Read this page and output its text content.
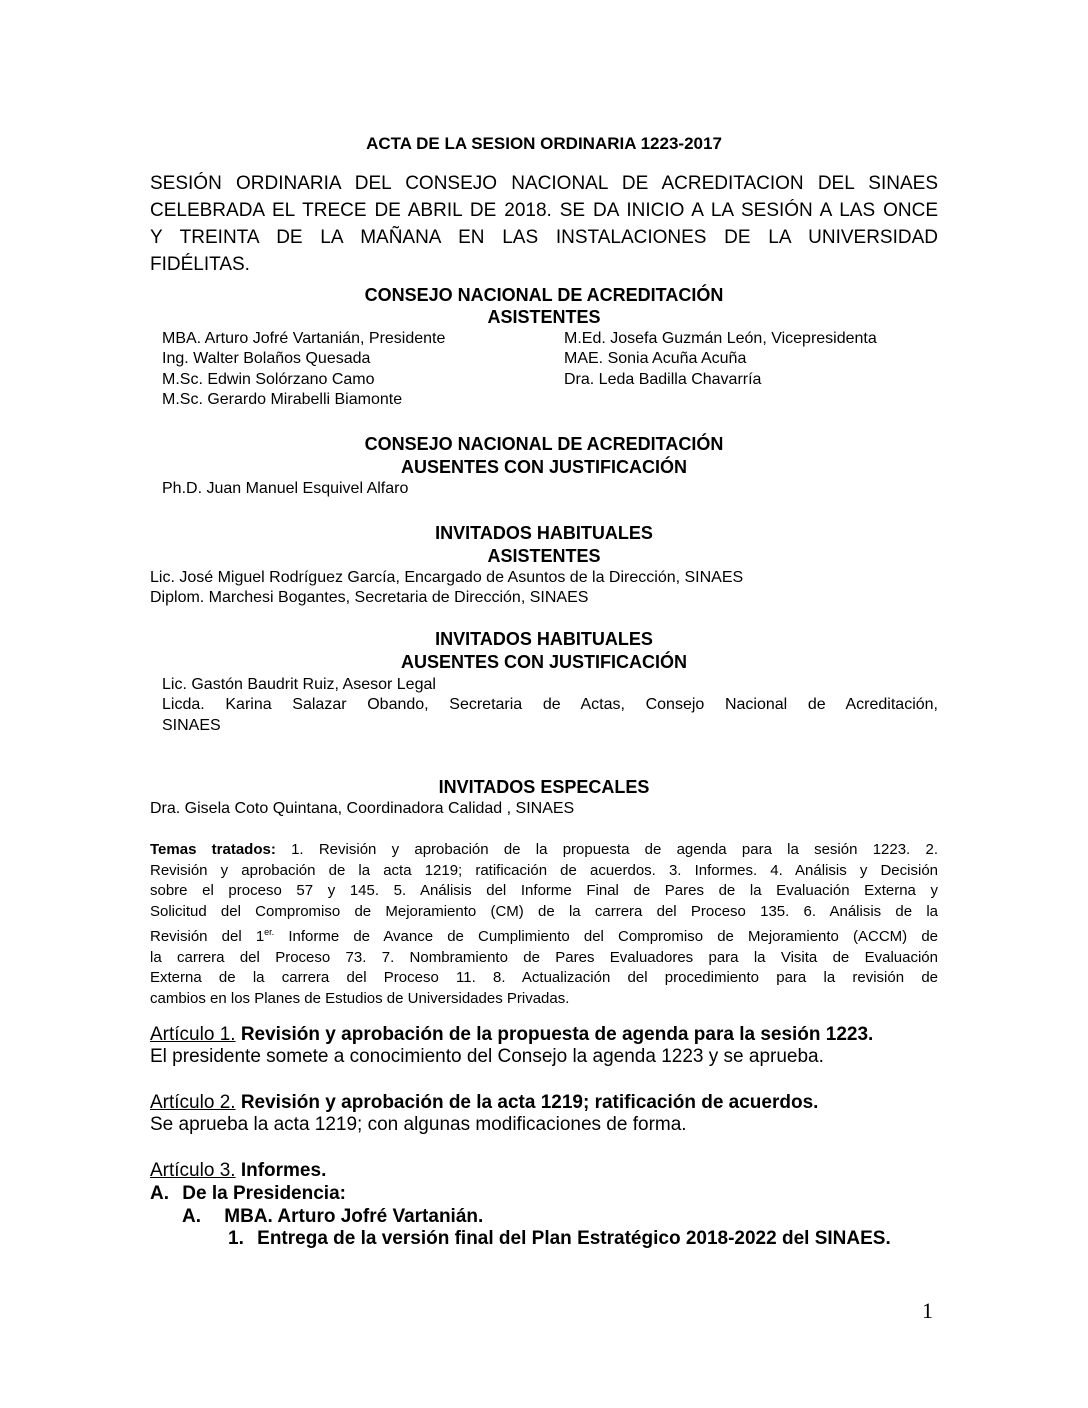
ACTA DE LA SESION ORDINARIA 1223-2017
SESIÓN ORDINARIA DEL CONSEJO NACIONAL DE ACREDITACION DEL SINAES
CELEBRADA EL TRECE DE ABRIL DE 2018. SE DA INICIO A LA SESIÓN A LAS ONCE
Y TREINTA DE LA MAÑANA EN LAS INSTALACIONES DE LA UNIVERSIDAD
FIDÉLITAS.
CONSEJO NACIONAL DE ACREDITACIÓN
ASISTENTES
MBA. Arturo Jofré Vartanián, Presidente
Ing. Walter Bolaños Quesada
M.Sc. Edwin Solórzano Camo
M.Sc. Gerardo Mirabelli Biamonte
M.Ed. Josefa Guzmán León, Vicepresidenta
MAE. Sonia Acuña Acuña
Dra. Leda Badilla Chavarría
CONSEJO NACIONAL DE ACREDITACIÓN
AUSENTES CON JUSTIFICACIÓN
Ph.D. Juan Manuel Esquivel Alfaro
INVITADOS HABITUALES
ASISTENTES
Lic. José Miguel Rodríguez García, Encargado de Asuntos de la Dirección, SINAES
Diplom. Marchesi Bogantes, Secretaria de Dirección, SINAES
INVITADOS HABITUALES
AUSENTES CON JUSTIFICACIÓN
Lic. Gastón Baudrit Ruiz, Asesor Legal
Licda. Karina Salazar Obando, Secretaria de Actas, Consejo Nacional de Acreditación,
SINAES
INVITADOS ESPECALES
Dra. Gisela Coto Quintana, Coordinadora Calidad , SINAES
Temas tratados: 1. Revisión y aprobación de la propuesta de agenda para la sesión 1223. 2.
Revisión y aprobación de la acta 1219; ratificación de acuerdos. 3. Informes. 4. Análisis y Decisión
sobre el proceso 57 y 145. 5. Análisis del Informe Final de Pares de la Evaluación Externa y
Solicitud del Compromiso de Mejoramiento (CM) de la carrera del Proceso 135. 6. Análisis de la
Revisión del $1^{er.}$ Informe de Avance de Cumplimiento del Compromiso de Mejoramiento (ACCM) de
la carrera del Proceso 73. 7. Nombramiento de Pares Evaluadores para la Visita de Evaluación
Externa de la carrera del Proceso 11. 8. Actualización del procedimiento para la revisión de
cambios en los Planes de Estudios de Universidades Privadas.
Artículo 1. Revisión y aprobación de la propuesta de agenda para la sesión 1223.
El presidente somete a conocimiento del Consejo la agenda 1223 y se aprueba.
Artículo 2. Revisión y aprobación de la acta 1219; ratificación de acuerdos.
Se aprueba la acta 1219; con algunas modificaciones de forma.
Artículo 3. Informes.
A. De la Presidencia:
A. MBA. Arturo Jofré Vartanián.
1. Entrega de la versión final del Plan Estratégico 2018-2022 del SINAES.
1
